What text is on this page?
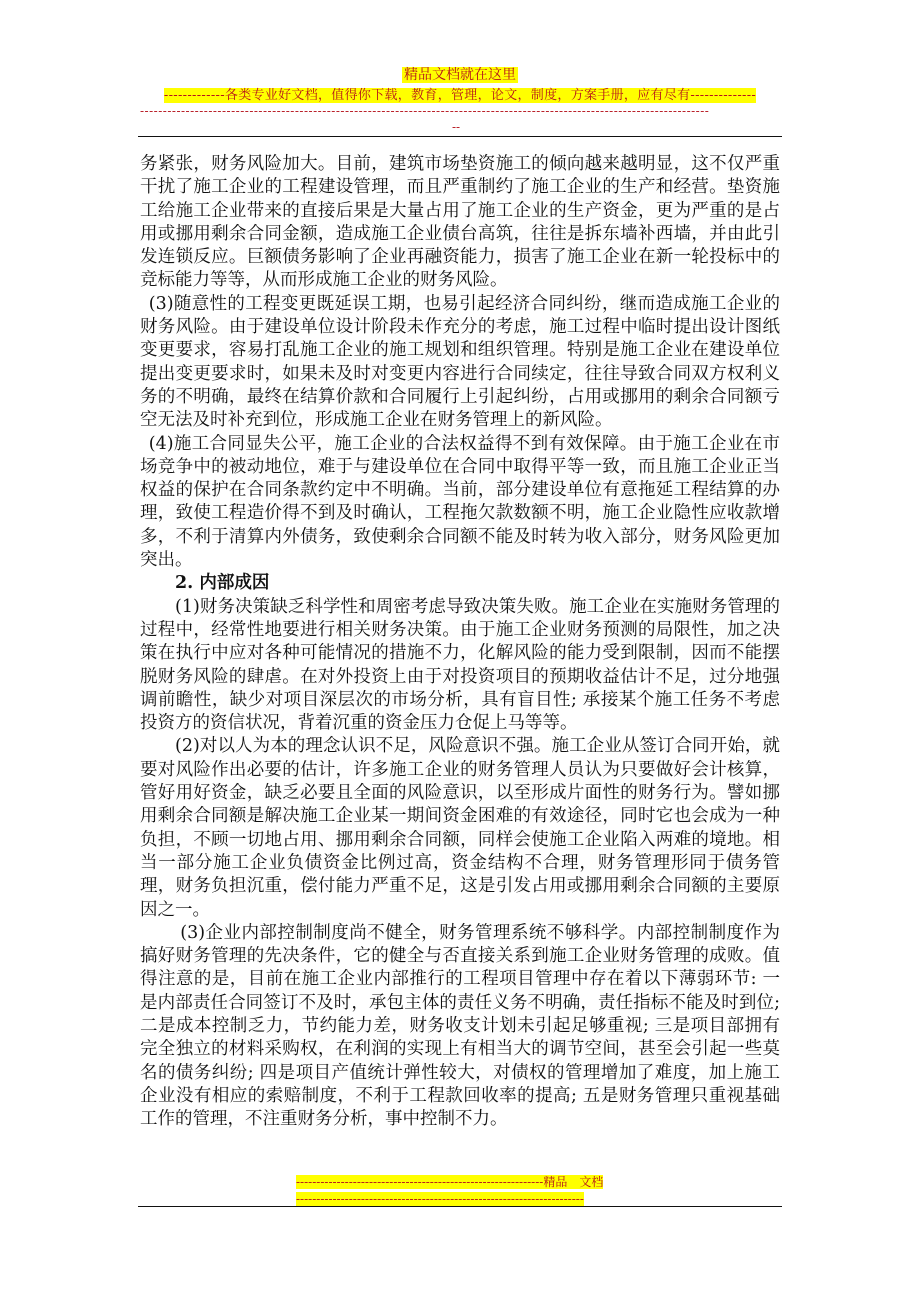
精品文档就在这里
-------------各类专业好文档，值得你下载，教育，管理，论文，制度，方案手册，应有尽有--------------
-----------------------------------------------------------------------------------------------------------------------------
--

务紧张，财务风险加大。目前，建筑市场垫资施工的倾向越来越明显，这不仅严重干扰了施工企业的工程建设管理，而且严重制约了施工企业的生产和经营。垫资施工给施工企业带来的直接后果是大量占用了施工企业的生产资金，更为严重的是占用或挪用剩余合同金额，造成施工企业债台高筑，往往是拆东墙补西墙，并由此引发连锁反应。巨额债务影响了企业再融资能力，损害了施工企业在新一轮投标中的竞标能力等等，从而形成施工企业的财务风险。

(3)随意性的工程变更既延误工期，也易引起经济合同纠纷，继而造成施工企业的财务风险。由于建设单位设计阶段未作充分的考虑，施工过程中临时提出设计图纸变更要求，容易打乱施工企业的施工规划和组织管理。特别是施工企业在建设单位提出变更要求时，如果未及时对变更内容进行合同续定，往往导致合同双方权利义务的不明确，最终在结算价款和合同履行上引起纠纷，占用或挪用的剩余合同额亏空无法及时补充到位，形成施工企业在财务管理上的新风险。

(4)施工合同显失公平，施工企业的合法权益得不到有效保障。由于施工企业在市场竞争中的被动地位，难于与建设单位在合同中取得平等一致，而且施工企业正当权益的保护在合同条款约定中不明确。当前，部分建设单位有意拖延工程结算的办理，致使工程造价得不到及时确认，工程拖欠款数额不明，施工企业隐性应收款增多，不利于清算内外债务，致使剩余合同额不能及时转为收入部分，财务风险更加突出。

2. 内部成因

(1)财务决策缺乏科学性和周密考虑导致决策失败。施工企业在实施财务管理的过程中，经常性地要进行相关财务决策。由于施工企业财务预测的局限性，加之决策在执行中应对各种可能情况的措施不力，化解风险的能力受到限制，因而不能摆脱财务风险的肆虐。在对外投资上由于对投资项目的预期收益估计不足，过分地强调前瞻性，缺少对项目深层次的市场分析，具有盲目性; 承接某个施工任务不考虑投资方的资信状况，背着沉重的资金压力仓促上马等等。

(2)对以人为本的理念认识不足，风险意识不强。施工企业从签订合同开始，就要对风险作出必要的估计，许多施工企业的财务管理人员认为只要做好会计核算，管好用好资金，缺乏必要且全面的风险意识，以至形成片面性的财务行为。譬如挪用剩余合同额是解决施工企业某一期间资金困难的有效途径，同时它也会成为一种负担，不顾一切地占用、挪用剩余合同额，同样会使施工企业陷入两难的境地。相当一部分施工企业负债资金比例过高，资金结构不合理，财务管理形同于债务管理，财务负担沉重，偿付能力严重不足，这是引发占用或挪用剩余合同额的主要原因之一。

(3)企业内部控制制度尚不健全，财务管理系统不够科学。内部控制制度作为搞好财务管理的先决条件，它的健全与否直接关系到施工企业财务管理的成败。值得注意的是，目前在施工企业内部推行的工程项目管理中存在着以下薄弱环节: 一是内部责任合同签订不及时，承包主体的责任义务不明确，责任指标不能及时到位; 二是成本控制乏力，节约能力差，财务收支计划未引起足够重视; 三是项目部拥有完全独立的材料采购权，在利润的实现上有相当大的调节空间，甚至会引起一些莫名的债务纠纷; 四是项目产值统计弹性较大，对债权的管理增加了难度，加上施工企业没有相应的索赔制度，不利于工程款回收率的提高; 五是财务管理只重视基础工作的管理，不注重财务分析，事中控制不力。

-------------------------------------------------------------精品　文档
-----------------------------------------------------------------------
